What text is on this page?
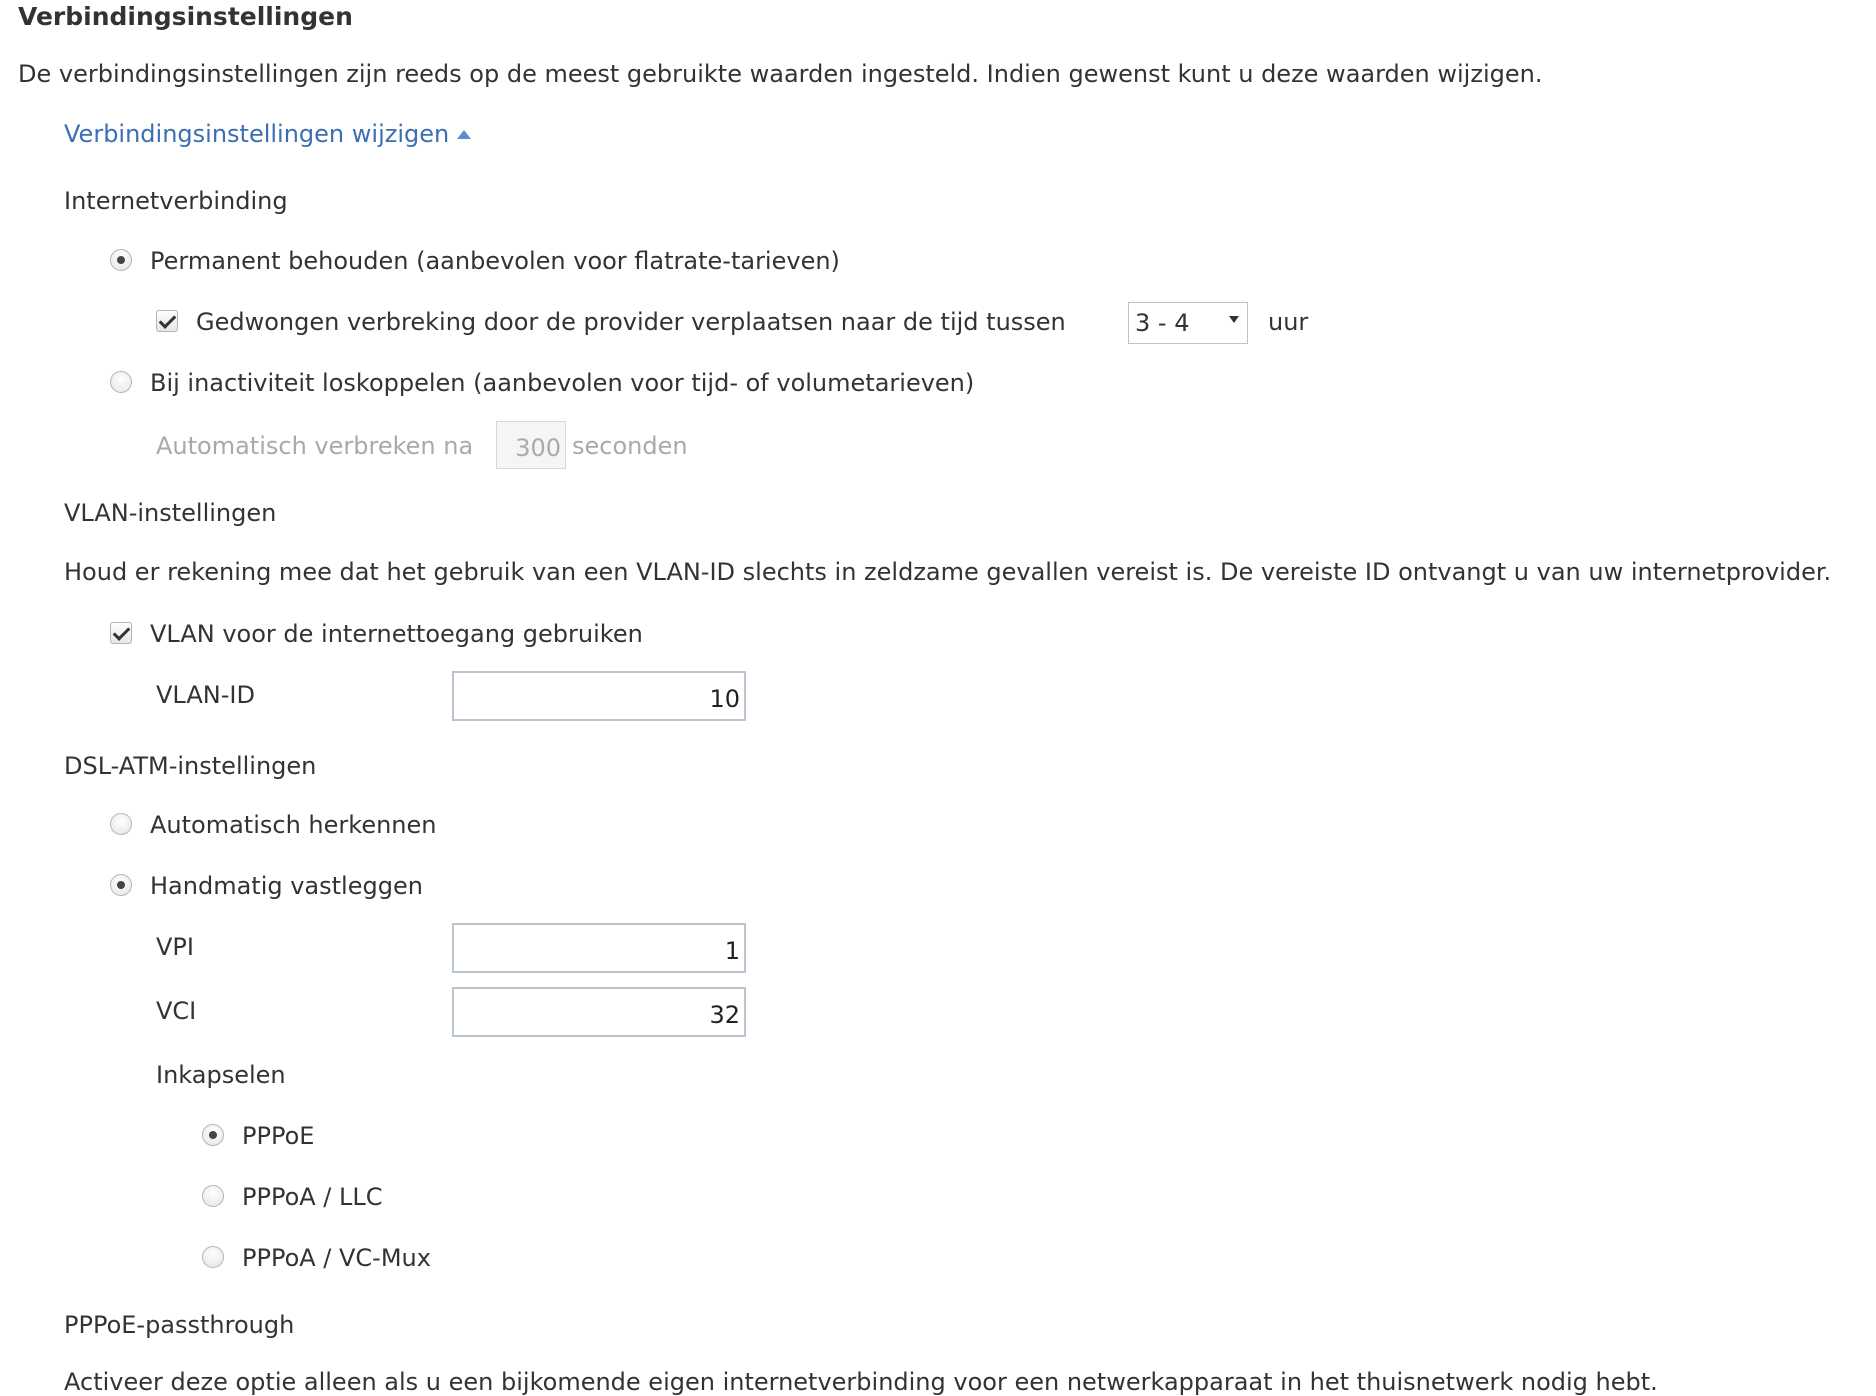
Verbindingsinstellingen
De verbindingsinstellingen zijn reeds op de meest gebruikte waarden ingesteld. Indien gewenst kunt u deze waarden wijzigen.
Verbindingsinstellingen wijzigen
Internetverbinding
Permanent behouden (aanbevolen voor flatrate-tarieven)
Gedwongen verbreking door de provider verplaatsen naar de tijd tussen	3 - 4	uur
Bij inactiviteit loskoppelen (aanbevolen voor tijd- of volumetarieven)
Automatisch verbreken na	300 seconden
VLAN-instellingen
Houd er rekening mee dat het gebruik van een VLAN-ID slechts in zeldzame gevallen vereist is. De vereiste ID ontvangt u van uw internetprovider.
VLAN voor de internettoegang gebruiken
VLAN-ID	10
DSL-ATM-instellingen
Automatisch herkennen
Handmatig vastleggen
VPI	1
VCI	32
Inkapselen
PPPoE
PPPoA / LLC
PPPoA / VC-Mux
PPPoE-passthrough
Activeer deze optie alleen als u een bijkomende eigen internetverbinding voor een netwerkapparaat in het thuisnetwerk nodig hebt.
